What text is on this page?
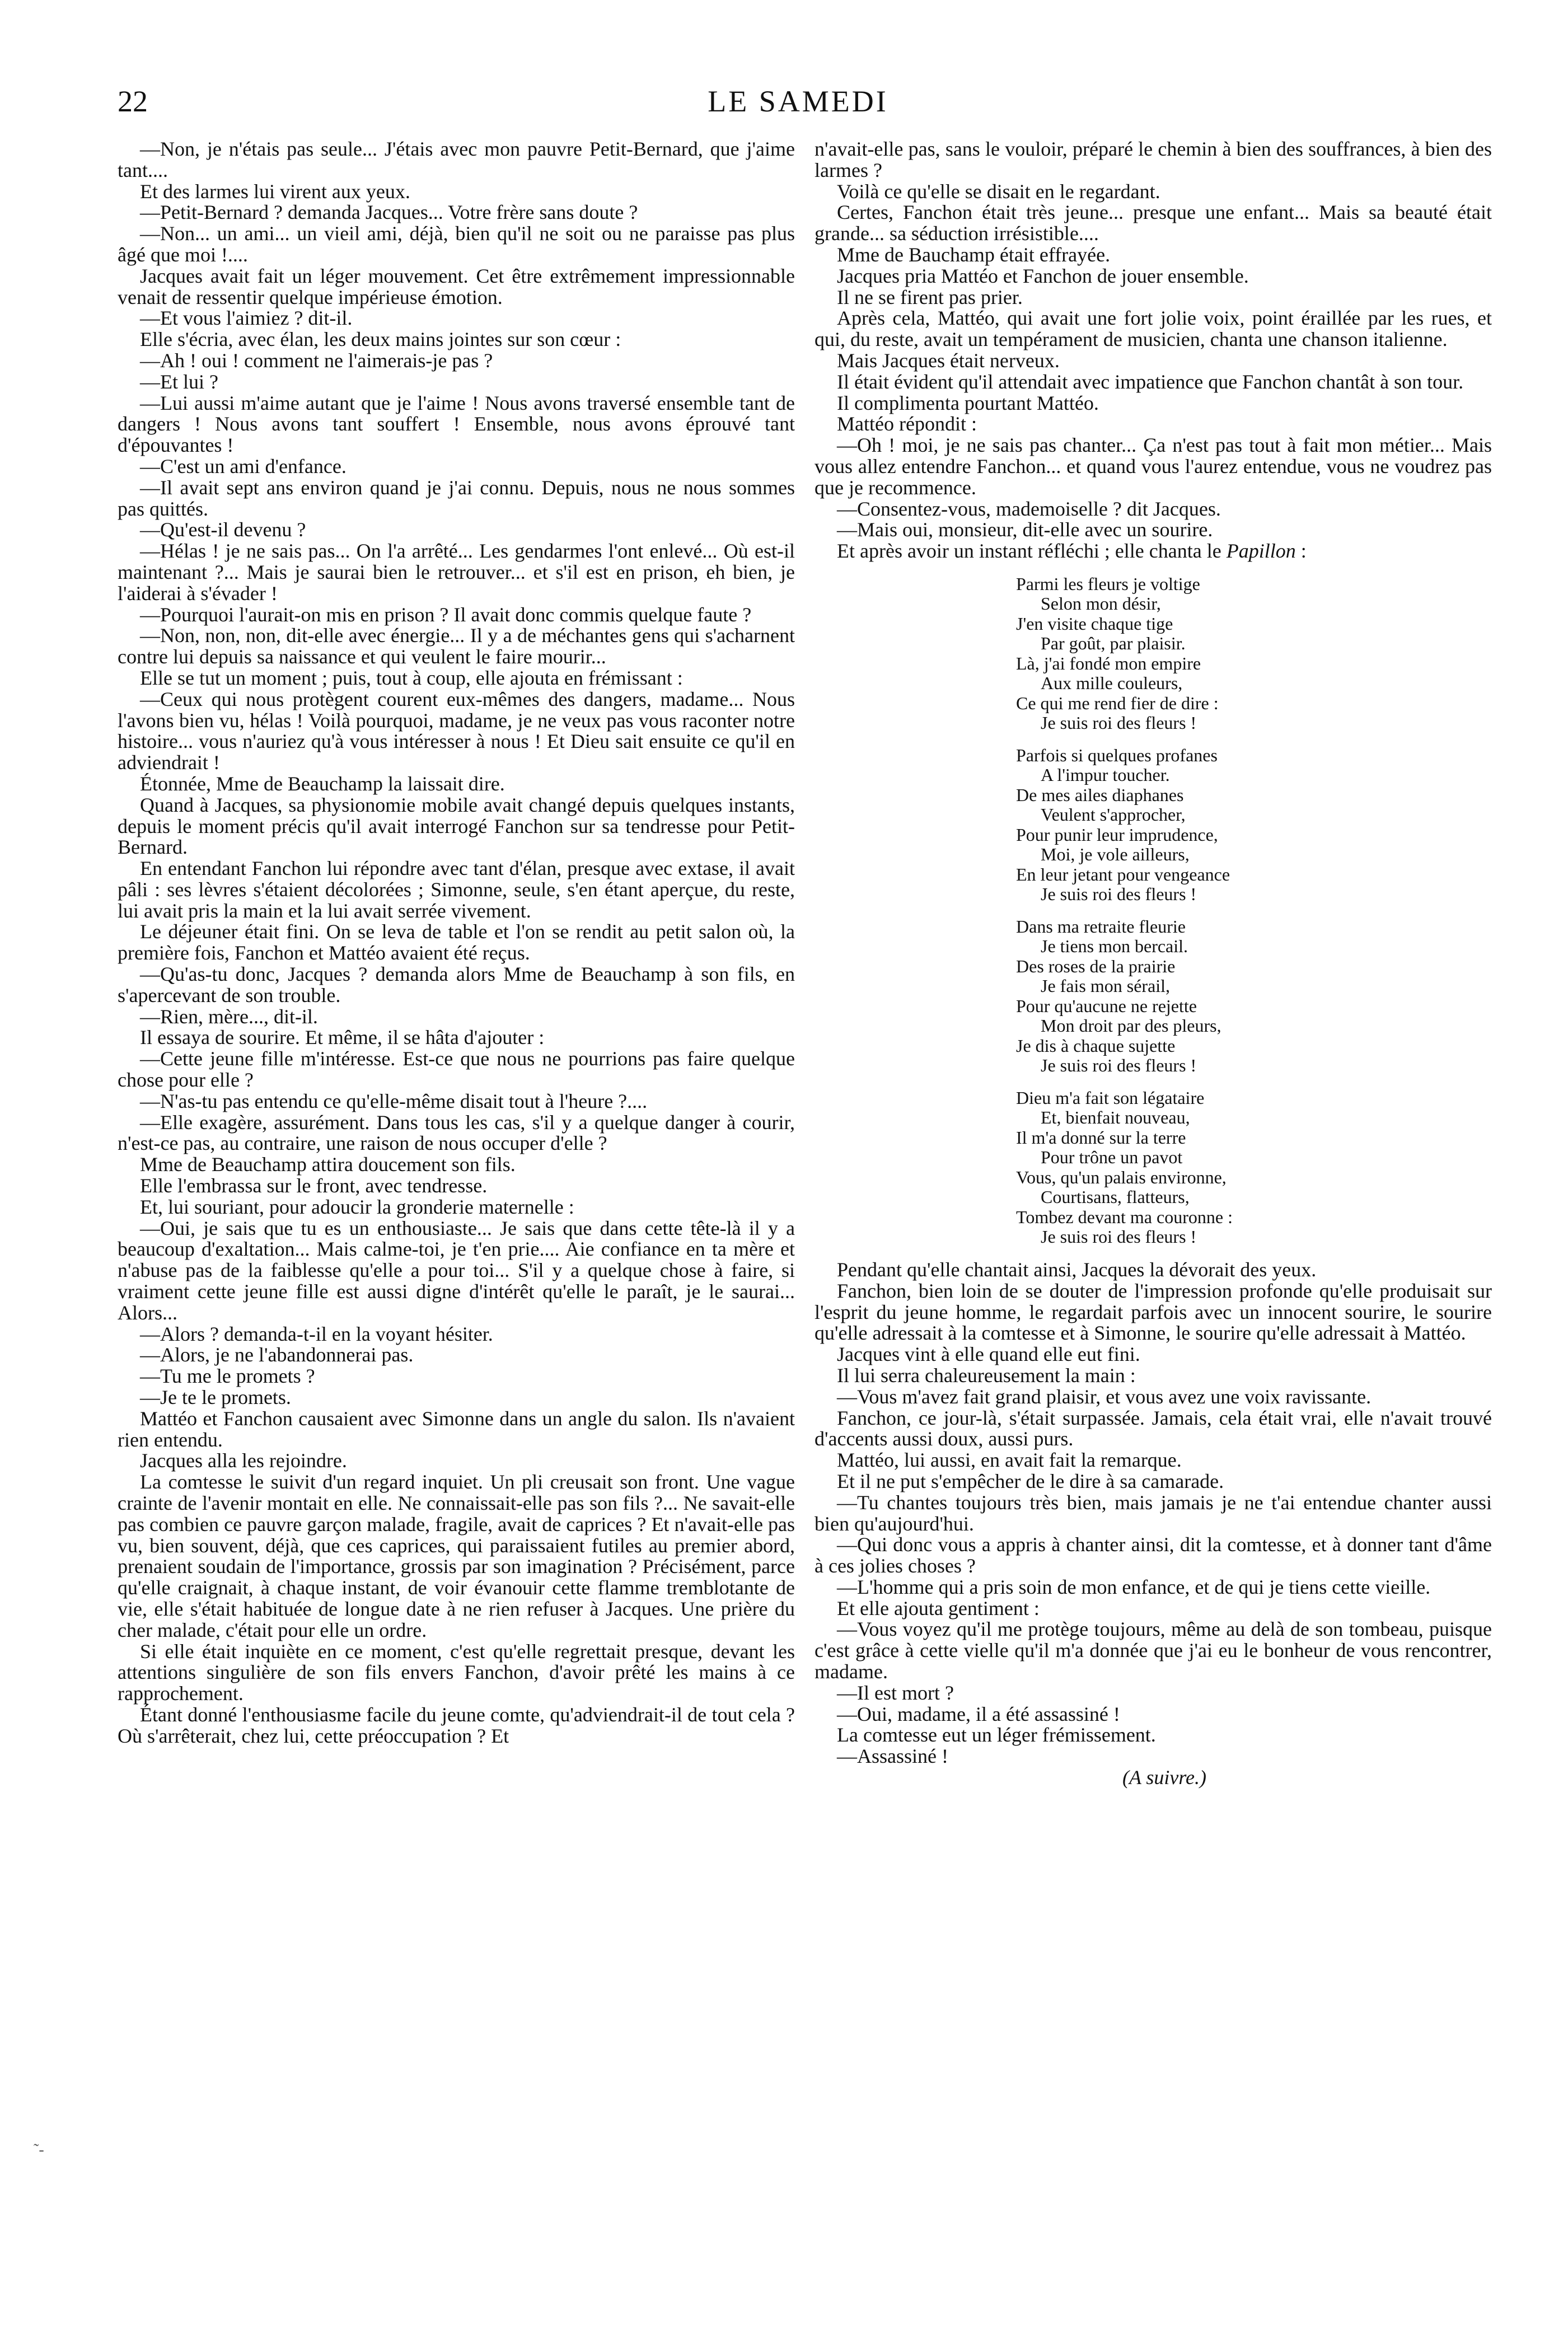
22	LE SAMEDI

—Non, je n'étais pas seule... J'étais avec mon pauvre Petit-Bernard, que j'aime tant....

Et des larmes lui virent aux yeux.

—Petit-Bernard ? demanda Jacques... Votre frère sans doute ?

—Non... un ami... un vieil ami, déjà, bien qu'il ne soit ou ne paraisse pas plus âgé que moi !....

Jacques avait fait un léger mouvement. Cet être extrêmement impressionnable venait de ressentir quelque impérieuse émotion.

—Et vous l'aimiez ? dit-il.

Elle s'écria, avec élan, les deux mains jointes sur son cœur :

—Ah ! oui ! comment ne l'aimerais-je pas ?

—Et lui ?

—Lui aussi m'aime autant que je l'aime ! Nous avons traversé ensemble tant de dangers ! Nous avons tant souffert ! Ensemble, nous avons éprouvé tant d'épouvantes !

—C'est un ami d'enfance.

—Il avait sept ans environ quand je j'ai connu. Depuis, nous ne nous sommes pas quittés.

—Qu'est-il devenu ?

—Hélas ! je ne sais pas... On l'a arrêté... Les gendarmes l'ont enlevé... Où est-il maintenant ?... Mais je saurai bien le retrouver... et s'il est en prison, eh bien, je l'aiderai à s'évader !

—Pourquoi l'aurait-on mis en prison ? Il avait donc commis quelque faute ?

—Non, non, non, dit-elle avec énergie... Il y a de méchantes gens qui s'acharnent contre lui depuis sa naissance et qui veulent le faire mourir...

Elle se tut un moment ; puis, tout à coup, elle ajouta en frémissant :

—Ceux qui nous protègent courent eux-mêmes des dangers, madame... Nous l'avons bien vu, hélas ! Voilà pourquoi, madame, je ne veux pas vous raconter notre histoire... vous n'auriez qu'à vous intéresser à nous ! Et Dieu sait ensuite ce qu'il en adviendrait !

Étonnée, Mme de Beauchamp la laissait dire.

Quand à Jacques, sa physionomie mobile avait changé depuis quelques instants, depuis le moment précis qu'il avait interrogé Fanchon sur sa tendresse pour Petit-Bernard.

En entendant Fanchon lui répondre avec tant d'élan, presque avec extase, il avait pâli : ses lèvres s'étaient décolorées ; Simonne, seule, s'en étant aperçue, du reste, lui avait pris la main et la lui avait serrée vivement.

Le déjeuner était fini. On se leva de table et l'on se rendit au petit salon où, la première fois, Fanchon et Mattéo avaient été reçus.

—Qu'as-tu donc, Jacques ? demanda alors Mme de Beauchamp à son fils, en s'apercevant de son trouble.

—Rien, mère..., dit-il.

Il essaya de sourire. Et même, il se hâta d'ajouter :

—Cette jeune fille m'intéresse. Est-ce que nous ne pourrions pas faire quelque chose pour elle ?

—N'as-tu pas entendu ce qu'elle-même disait tout à l'heure ?....

—Elle exagère, assurément. Dans tous les cas, s'il y a quelque danger à courir, n'est-ce pas, au contraire, une raison de nous occuper d'elle ?

Mme de Beauchamp attira doucement son fils.

Elle l'embrassa sur le front, avec tendresse.

Et, lui souriant, pour adoucir la gronderie maternelle :

—Oui, je sais que tu es un enthousiaste... Je sais que dans cette tête-là il y a beaucoup d'exaltation... Mais calme-toi, je t'en prie.... Aie confiance en ta mère et n'abuse pas de la faiblesse qu'elle a pour toi... S'il y a quelque chose à faire, si vraiment cette jeune fille est aussi digne d'intérêt qu'elle le paraît, je le saurai... Alors...

—Alors ? demanda-t-il en la voyant hésiter.

—Alors, je ne l'abandonnerai pas.

—Tu me le promets ?

—Je te le promets.

Mattéo et Fanchon causaient avec Simonne dans un angle du salon. Ils n'avaient rien entendu.

Jacques alla les rejoindre.

La comtesse le suivit d'un regard inquiet. Un pli creusait son front. Une vague crainte de l'avenir montait en elle. Ne connaissait-elle pas son fils ?... Ne savait-elle pas combien ce pauvre garçon malade, fragile, avait de caprices ? Et n'avait-elle pas vu, bien souvent, déjà, que ces caprices, qui paraissaient futiles au premier abord, prenaient soudain de l'importance, grossis par son imagination ? Précisément, parce qu'elle craignait, à chaque instant, de voir évanouir cette flamme tremblotante de vie, elle s'était habituée de longue date à ne rien refuser à Jacques. Une prière du cher malade, c'était pour elle un ordre.

Si elle était inquiète en ce moment, c'est qu'elle regrettait presque, devant les attentions singulière de son fils envers Fanchon, d'avoir prêté les mains à ce rapprochement.

Étant donné l'enthousiasme facile du jeune comte, qu'adviendrait-il de tout cela ? Où s'arrêterait, chez lui, cette préoccupation ? Et

n'avait-elle pas, sans le vouloir, préparé le chemin à bien des souffrances, à bien des larmes ?

Voilà ce qu'elle se disait en le regardant.

Certes, Fanchon était très jeune... presque une enfant... Mais sa beauté était grande... sa séduction irrésistible....

Mme de Bauchamp était effrayée.

Jacques pria Mattéo et Fanchon de jouer ensemble.

Il ne se firent pas prier.

Après cela, Mattéo, qui avait une fort jolie voix, point éraillée par les rues, et qui, du reste, avait un tempérament de musicien, chanta une chanson italienne.

Mais Jacques était nerveux.

Il était évident qu'il attendait avec impatience que Fanchon chantât à son tour.

Il complimenta pourtant Mattéo.

Mattéo répondit :

—Oh ! moi, je ne sais pas chanter... Ça n'est pas tout à fait mon métier... Mais vous allez entendre Fanchon... et quand vous l'aurez entendue, vous ne voudrez pas que je recommence.

—Consentez-vous, mademoiselle ? dit Jacques.

—Mais oui, monsieur, dit-elle avec un sourire.

Et après avoir un instant réfléchi ; elle chanta le Papillon :

Parmi les fleurs je voltige
Selon mon désir,
J'en visite chaque tige
Par goût, par plaisir.
Là, j'ai fondé mon empire
Aux mille couleurs,
Ce qui me rend fier de dire :
Je suis roi des fleurs !
Parfois si quelques profanes
A l'impur toucher.
De mes ailes diaphanes
Veulent s'approcher,
Pour punir leur imprudence,
Moi, je vole ailleurs,
En leur jetant pour vengeance
Je suis roi des fleurs !
Dans ma retraite fleurie
Je tiens mon bercail.
Des roses de la prairie
Je fais mon sérail,
Pour qu'aucune ne rejette
Mon droit par des pleurs,
Je dis à chaque sujette
Je suis roi des fleurs !
Dieu m'a fait son légataire
Et, bienfait nouveau,
Il m'a donné sur la terre
Pour trône un pavot
Vous, qu'un palais environne,
Courtisans, flatteurs,
Tombez devant ma couronne :
Je suis roi des fleurs !

Pendant qu'elle chantait ainsi, Jacques la dévorait des yeux.

Fanchon, bien loin de se douter de l'impression profonde qu'elle produisait sur l'esprit du jeune homme, le regardait parfois avec un innocent sourire, le sourire qu'elle adressait à la comtesse et à Simonne, le sourire qu'elle adressait à Mattéo.

Jacques vint à elle quand elle eut fini.

Il lui serra chaleureusement la main :

—Vous m'avez fait grand plaisir, et vous avez une voix ravissante.

Fanchon, ce jour-là, s'était surpassée. Jamais, cela était vrai, elle n'avait trouvé d'accents aussi doux, aussi purs.

Mattéo, lui aussi, en avait fait la remarque.

Et il ne put s'empêcher de le dire à sa camarade.

—Tu chantes toujours très bien, mais jamais je ne t'ai entendue chanter aussi bien qu'aujourd'hui.

—Qui donc vous a appris à chanter ainsi, dit la comtesse, et à donner tant d'âme à ces jolies choses ?

—L'homme qui a pris soin de mon enfance, et de qui je tiens cette vieille.

Et elle ajouta gentiment :

—Vous voyez qu'il me protège toujours, même au delà de son tombeau, puisque c'est grâce à cette vielle qu'il m'a donnée que j'ai eu le bonheur de vous rencontrer, madame.

—Il est mort ?

—Oui, madame, il a été assassiné !

La comtesse eut un léger frémissement.

—Assassiné !

(A suivre.)

˜-
